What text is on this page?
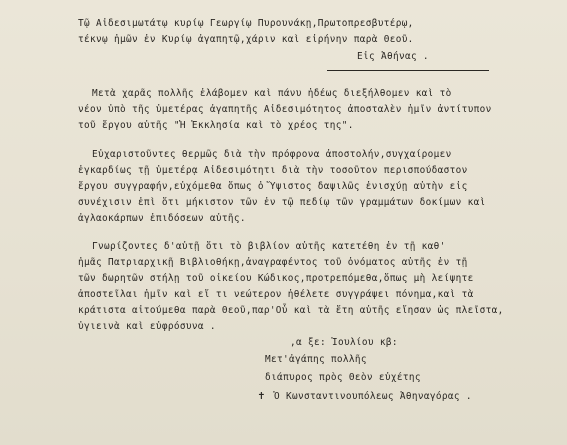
Τῷ Αἰδεσιμωτάτῳ κυρίῳ Γεωργίῳ Πυρουνάκῃ,Πρωτοπρεσβυτέρῳ,
τέκνῳ ἡμῶν ἐν Κυρίῳ ἀγαπητῷ,χάριν καὶ εἰρήνην παρὰ Θεοῦ.
Εἰς Ἀθήνας .
Μετὰ χαρᾶς πολλῆς ἐλάβομεν καὶ πάνυ ἡδέως διεξήλθομεν καὶ τὸ
νέον ὑπὸ τῆς ὑμετέρας ἀγαπητῆς Αἰδεσιμότητος ἀποσταλὲν ἡμῖν ἀντίτυπον
τοῦ ἔργου αὐτῆς "Ἡ Ἐκκλησία καὶ τὸ χρέος της".
Εὐχαριστοῦντες θερμῶς διὰ τὴν πρόφρονα ἀποστολήν,συγχαίρομεν
ἐγκαρδίως τῇ ὑμετέρᾳ Αἰδεσιμότητι διὰ τὴν τοσοῦτον περισπούδαστον
ἔργου συγγραφήν,εὐχόμεθα ὅπως ὁ Ὕψιστος δαψιλῶς ἐνισχύῃ αὐτὴν εἰς
συνέχισιν ἐπὶ ὅτι μήκιστον τῶν ἐν τῷ πεδίῳ τῶν γραμμάτων δοκίμων καὶ
ἀγλαοκάρπων ἐπιδόσεων αὐτῆς.
Γνωρίζοντες δ'αὐτῇ ὅτι τὸ βιβλίον αὐτῆς κατετέθη ἐν τῇ καθ'
ἡμᾶς Πατριαρχικῇ Βιβλιοθήκῃ,ἀναγραφέντος τοῦ ὀνόματος αὐτῆς ἐν τῇ
τῶν δωρητῶν στήλῃ τοῦ οἰκείου Κώδικος,προτρεπόμεθα,ὅπως μὴ λείψητε
ἀποστεῖλαι ἡμῖν καὶ εἴ τι νεώτερον ἠθέλετε συγγράψει πόνημα,καὶ τὰ
κράτιστα αἰτούμεθα παρὰ Θεοῦ,παρ'Οὗ καὶ τὰ ἔτη αὐτῆς εἴησαν ὡς πλεῖστα,
ὑγιεινὰ καὶ εὐφρόσυνα .
,α ξε: Ἰουλίου κβ:
Μετ'ἀγάπης πολλῆς
διάπυρος πρὸς Θεὸν εὐχέτης
✝ Ὁ Κωνσταντινουπόλεως Ἀθηναγόρας .
